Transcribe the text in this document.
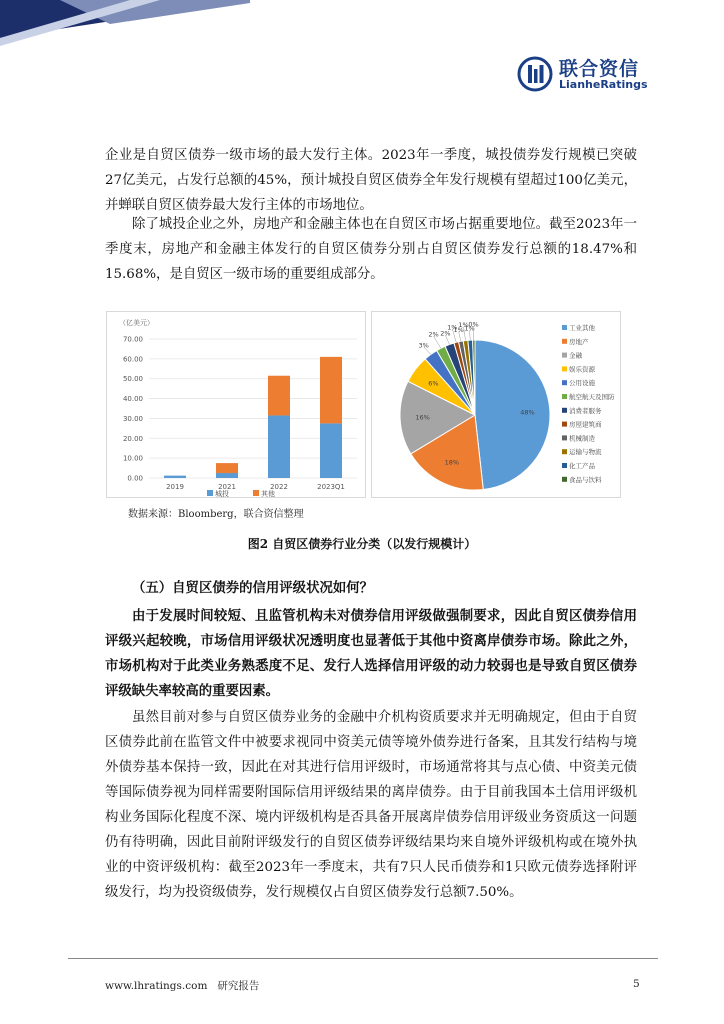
联合资信
LianheRatings

企业是自贸区债券一级市场的最大发行主体。2023年一季度，城投债券发行规模已突破27亿美元，占发行总额的45%，预计城投自贸区债券全年发行规模有望超过100亿美元，并蝉联自贸区债券最大发行主体的市场地位。

除了城投企业之外，房地产和金融主体也在自贸区市场占据重要地位。截至2023年一季度末，房地产和金融主体发行的自贸区债券分别占自贸区债券发行总额的18.47%和15.68%，是自贸区一级市场的重要组成部分。

（亿美元）
0.00
10.00
20.00
30.00
40.00
50.00
60.00
70.00
2019	2021	2022	2023Q1
城投	其他
48%
18%
16%
6%
3%
2% 2%
1%
1%
1%
1%
0%	工业其他
房地产
金融
娱乐资源
公用设施
航空航天及国防
消费者服务
房屋建筑商
机械制造
运输与物流
化工产品
食品与饮料
数据来源：Bloomberg，联合资信整理
图2 自贸区债券行业分类（以发行规模计）
（五）自贸区债券的信用评级状况如何？

由于发展时间较短、且监管机构未对债券信用评级做强制要求，因此自贸区债券信用评级兴起较晚，市场信用评级状况透明度也显著低于其他中资离岸债券市场。除此之外，市场机构对于此类业务熟悉度不足、发行人选择信用评级的动力较弱也是导致自贸区债券评级缺失率较高的重要因素。

虽然目前对参与自贸区债券业务的金融中介机构资质要求并无明确规定，但由于自贸区债券此前在监管文件中被要求视同中资美元债等境外债券进行备案，且其发行结构与境外债券基本保持一致，因此在对其进行信用评级时，市场通常将其与点心债、中资美元债等国际债券视为同样需要附国际信用评级结果的离岸债券。由于目前我国本土信用评级机构业务国际化程度不深、境内评级机构是否具备开展离岸债券信用评级业务资质这一问题仍有待明确，因此目前附评级发行的自贸区债券评级结果均来自境外评级机构或在境外执业的中资评级机构：截至2023年一季度末，共有7只人民币债券和1只欧元债券选择附评级发行，均为投资级债券，发行规模仅占自贸区债券发行总额7.50%。

www.lhratings.com 研究报告	5
